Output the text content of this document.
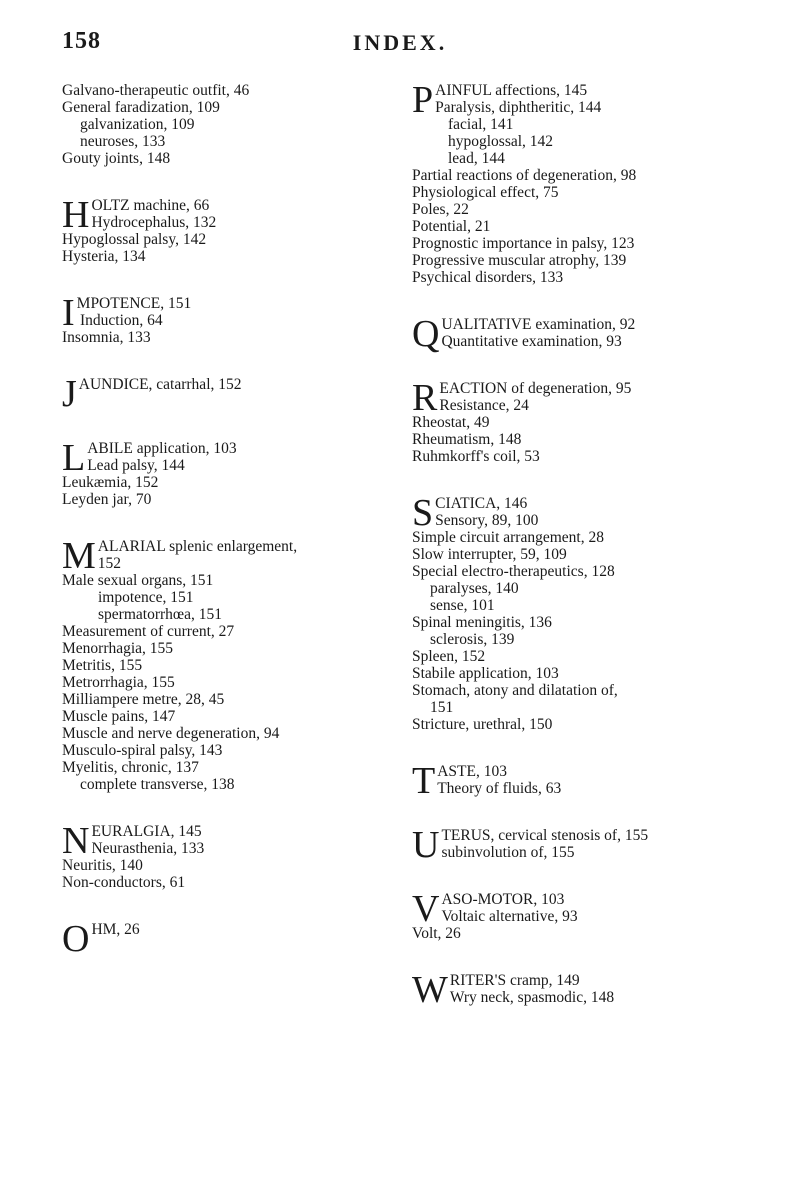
158	INDEX.
Galvano-therapeutic outfit, 46
General faradization, 109
galvanization, 109
neuroses, 133
Gouty joints, 148
H OLTZ machine, 66
Hydrocephalus, 132
Hypoglossal palsy, 142
Hysteria, 134
I MPOTENCE, 151
Induction, 64
Insomnia, 133
J AUNDICE, catarrhal, 152
L ABILE application, 103
Lead palsy, 144
Leukæmia, 152
Leyden jar, 70
M ALARIAL splenic enlargement,
152
Male sexual organs, 151
impotence, 151
spermatorrhœa, 151
Measurement of current, 27
Menorrhagia, 155
Metritis, 155
Metrorrhagia, 155
Milliampere metre, 28, 45
Muscle pains, 147
Muscle and nerve degeneration, 94
Musculo-spiral palsy, 143
Myelitis, chronic, 137
complete transverse, 138
N EURALGIA, 145
Neurasthenia, 133
Neuritis, 140
Non-conductors, 61
O HM, 26
P AINFUL affections, 145
Paralysis, diphtheritic, 144
facial, 141
hypoglossal, 142
lead, 144
Partial reactions of degeneration, 98
Physiological effect, 75
Poles, 22
Potential, 21
Prognostic importance in palsy, 123
Progressive muscular atrophy, 139
Psychical disorders, 133
Q UALITATIVE examination, 92
Quantitative examination, 93
R EACTION of degeneration, 95
Resistance, 24
Rheostat, 49
Rheumatism, 148
Ruhmkorff's coil, 53
S CIATICA, 146
Sensory, 89, 100
Simple circuit arrangement, 28
Slow interrupter, 59, 109
Special electro-therapeutics, 128
paralyses, 140
sense, 101
Spinal meningitis, 136
sclerosis, 139
Spleen, 152
Stabile application, 103
Stomach, atony and dilatation of,
151
Stricture, urethral, 150
T ASTE, 103
Theory of fluids, 63
U TERUS, cervical stenosis of, 155
subinvolution of, 155
V ASO-MOTOR, 103
Voltaic alternative, 93
Volt, 26
W RITER'S cramp, 149
Wry neck, spasmodic, 148
